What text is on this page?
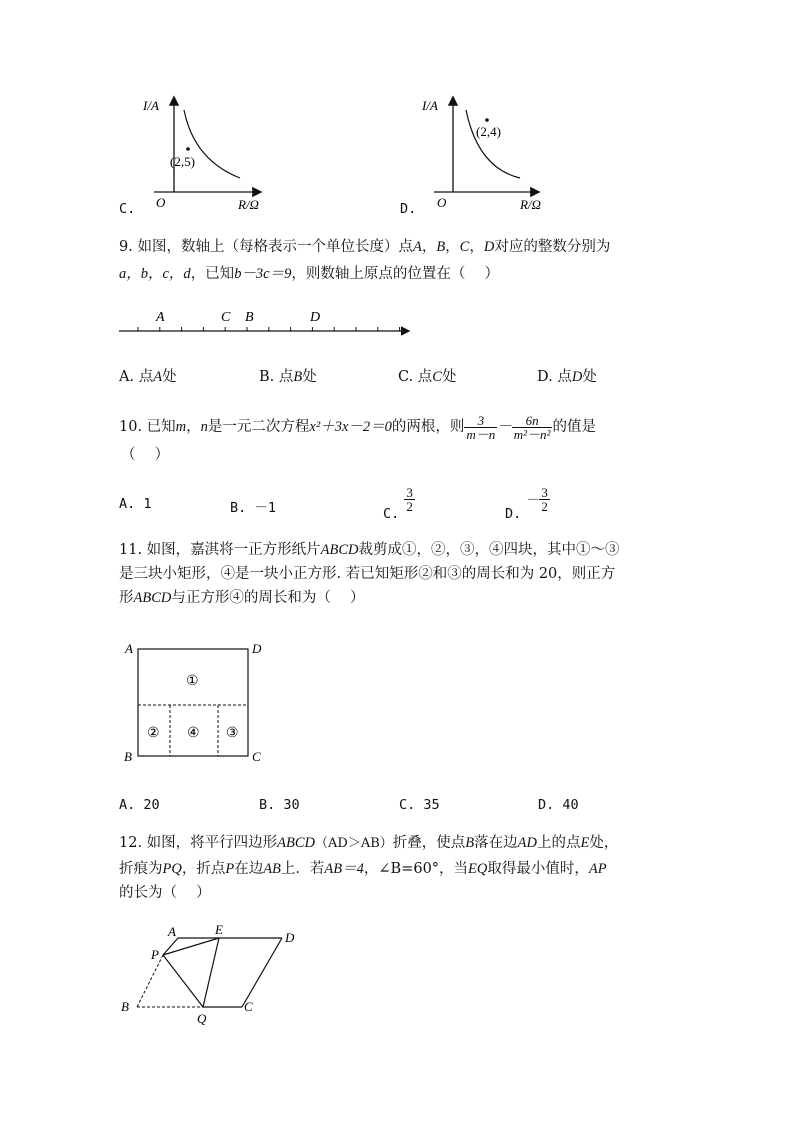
C.
I/A
O	R/Ω
(2,5)
D.
I/A
O	R/Ω
(2,4)
9. 如图，数轴上（每格表示一个单位长度）点A，B，C，D对应的整数分别为
a，b，c，d，已知b－3c＝9，则数轴上原点的位置在（　 ）
A	C B	D
A. 点A处	B. 点B处	C. 点C处	D. 点D处
10. 已知m，n是一元二次方程x²＋3x－2＝0的两根，则 $\frac{3}{m-n} - \frac{6n}{\text{m²－n²}}$ 的值是
（　 ）
A. 1	B. －1	$_{C.}$
$\frac{3}{2}$
$_{D.} - \frac{3}{2}$
11. 如图，嘉淇将一正方形纸片ABCD裁剪成①，②，③，④四块，其中①～③
是三块小矩形，④是一块小正方形. 若已知矩形②和③的周长和为 20，则正方
形ABCD与正方形④的周长和为（　 ）
A	D
B	C
①
② ④ ③
A. 20	B. 30	C. 35	D. 40
12. 如图，将平行四边形ABCD（AD＞AB）折叠，使点B落在边AD上的点E处，
折痕为PQ，折点P在边AB上．若AB＝4，∠B=60°，当EQ取得最小值时，AP
的长为（　 ）
A	E
D
P
B
Q
C
